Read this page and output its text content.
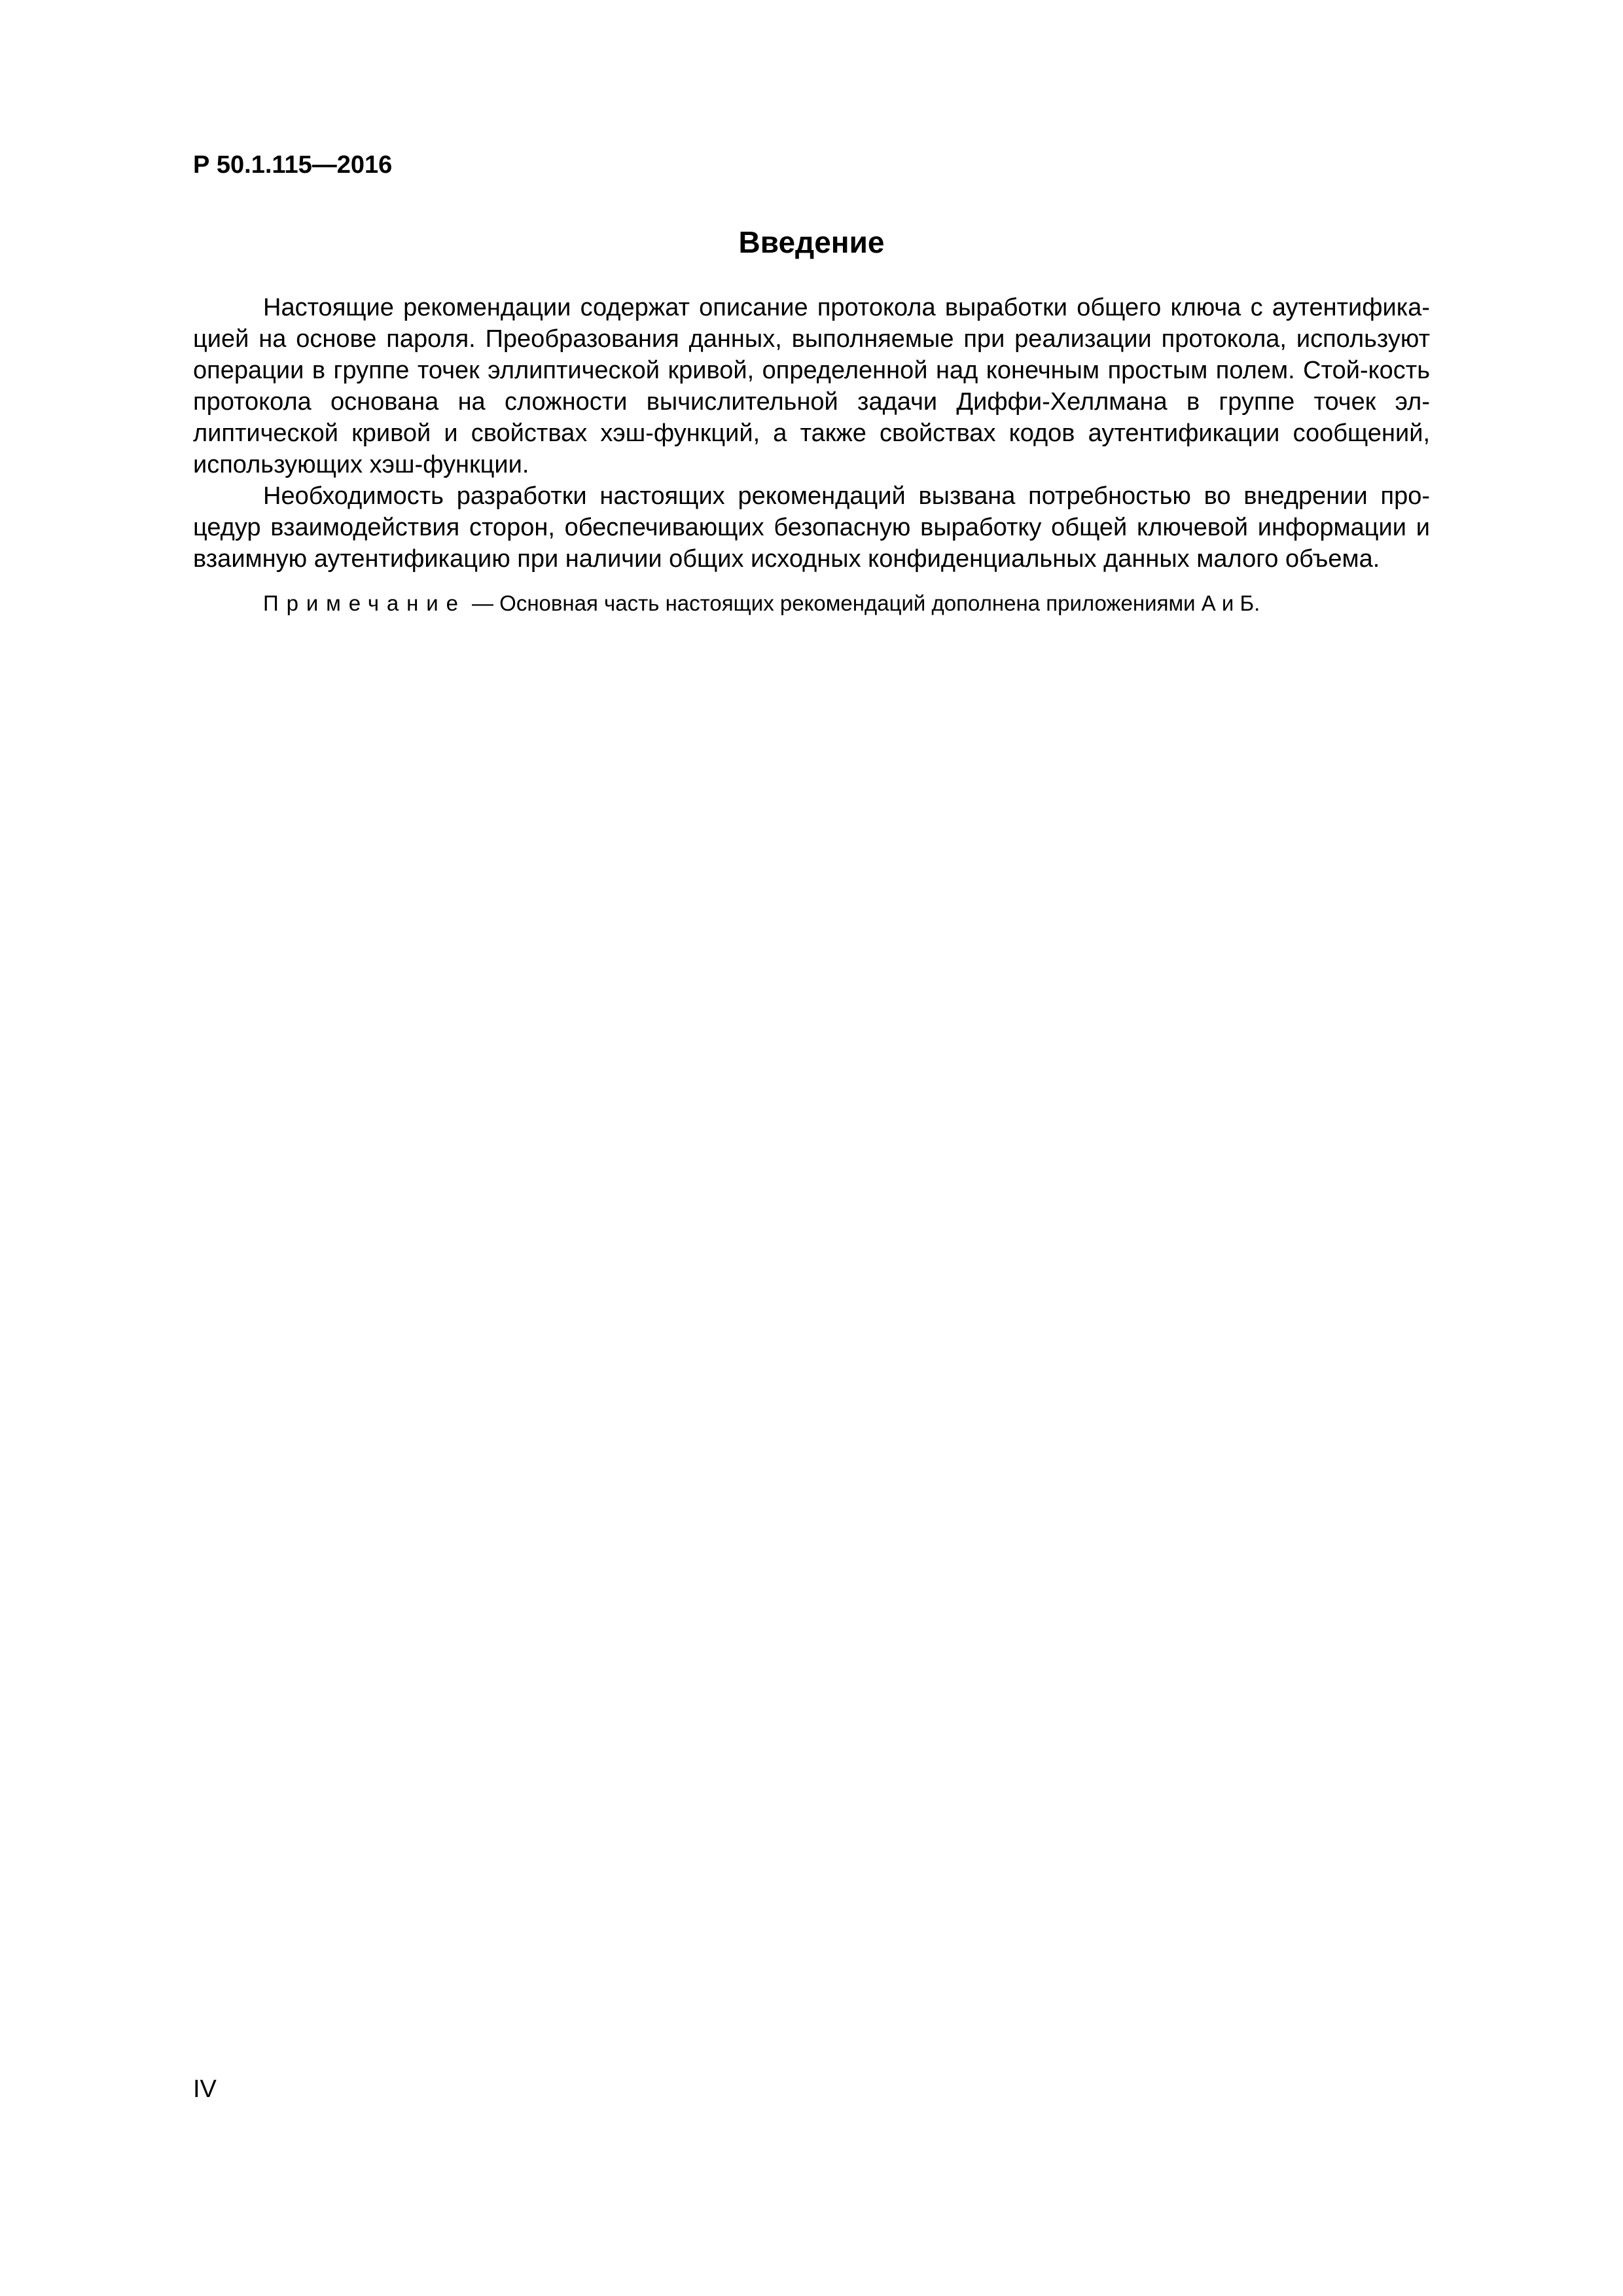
Р 50.1.115—2016

Введение

Настоящие рекомендации содержат описание протокола выработки общего ключа с аутентифика-цией на основе пароля. Преобразования данных, выполняемые при реализации протокола, используют операции в группе точек эллиптической кривой, определенной над конечным простым полем. Стой-кость протокола основана на сложности вычислительной задачи Диффи-Хеллмана в группе точек эл-липтической кривой и свойствах хэш-функций, а также свойствах кодов аутентификации сообщений, использующих хэш-функции.

Необходимость разработки настоящих рекомендаций вызвана потребностью во внедрении про-цедур взаимодействия сторон, обеспечивающих безопасную выработку общей ключевой информации и взаимную аутентификацию при наличии общих исходных конфиденциальных данных малого объема.

Примечание — Основная часть настоящих рекомендаций дополнена приложениями А и Б.

IV
